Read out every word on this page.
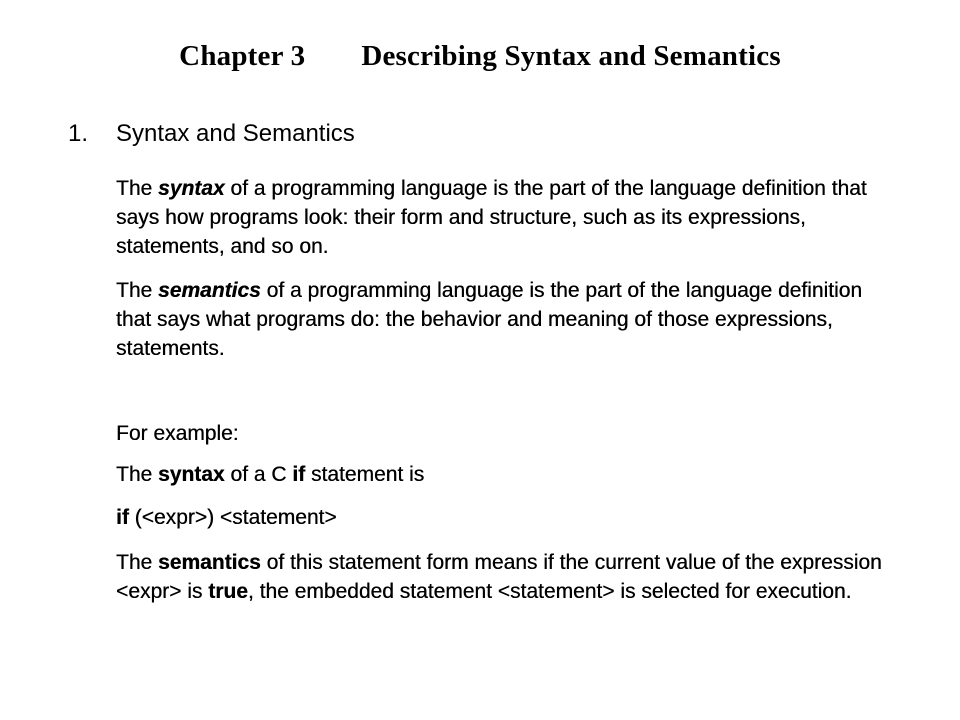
Chapter 3 Describing Syntax and Semantics
1. Syntax and Semantics
The syntax of a programming language is the part of the language definition that says how programs look: their form and structure, such as its expressions, statements, and so on.
The semantics of a programming language is the part of the language definition that says what programs do: the behavior and meaning of those expressions, statements.
For example:
The syntax of a C if statement is
if (<expr>) <statement>
The semantics of this statement form means if the current value of the expression <expr> is true, the embedded statement <statement> is selected for execution.
